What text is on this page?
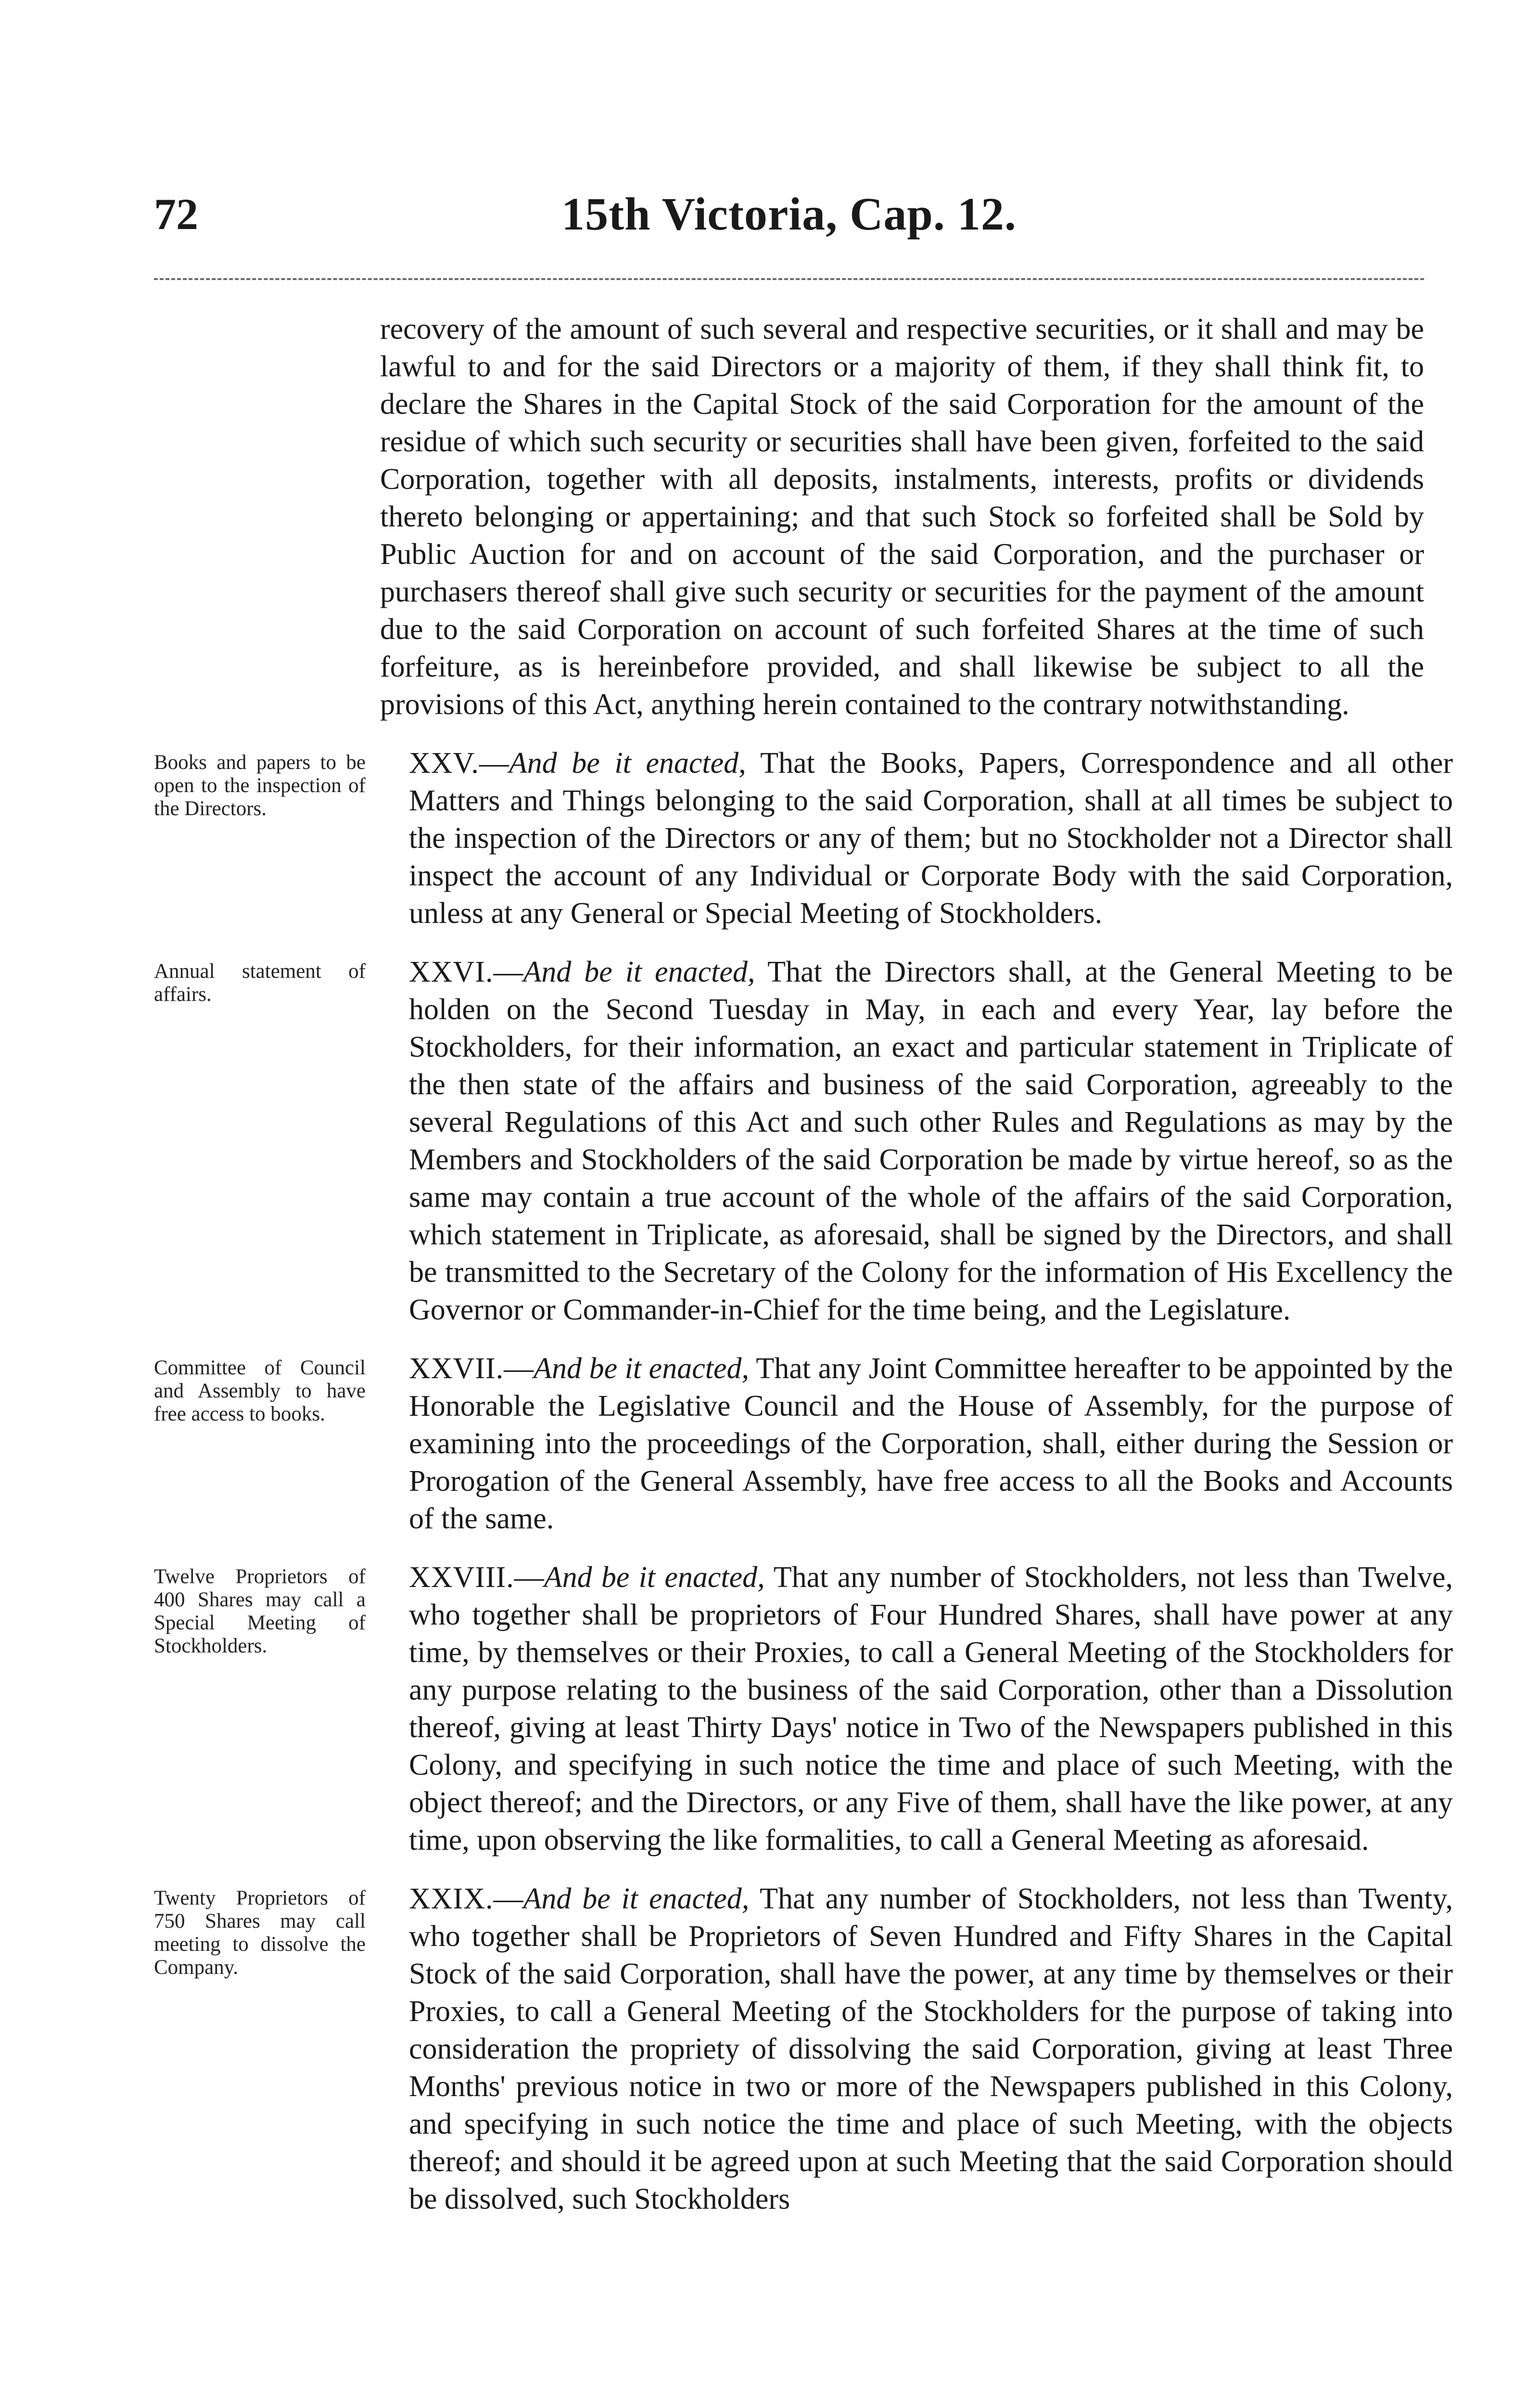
72	15th Victoria, Cap. 12.
recovery of the amount of such several and respective securities, or it shall and may be lawful to and for the said Directors or a majority of them, if they shall think fit, to declare the Shares in the Capital Stock of the said Corporation for the amount of the residue of which such security or securities shall have been given, forfeited to the said Corporation, together with all deposits, instalments, interests, profits or dividends thereto belonging or appertaining; and that such Stock so forfeited shall be Sold by Public Auction for and on account of the said Corporation, and the purchaser or purchasers thereof shall give such security or securities for the payment of the amount due to the said Corporation on account of such forfeited Shares at the time of such forfeiture, as is hereinbefore provided, and shall likewise be subject to all the provisions of this Act, anything herein contained to the contrary notwithstanding.
Books and papers to be open to the inspection of the Directors.
XXV.—And be it enacted, That the Books, Papers, Correspondence and all other Matters and Things belonging to the said Corporation, shall at all times be subject to the inspection of the Directors or any of them; but no Stockholder not a Director shall inspect the account of any Individual or Corporate Body with the said Corporation, unless at any General or Special Meeting of Stockholders.
Annual statement of affairs.
XXVI.—And be it enacted, That the Directors shall, at the General Meeting to be holden on the Second Tuesday in May, in each and every Year, lay before the Stockholders, for their information, an exact and particular statement in Triplicate of the then state of the affairs and business of the said Corporation, agreeably to the several Regulations of this Act and such other Rules and Regulations as may by the Members and Stockholders of the said Corporation be made by virtue hereof, so as the same may contain a true account of the whole of the affairs of the said Corporation, which statement in Triplicate, as aforesaid, shall be signed by the Directors, and shall be transmitted to the Secretary of the Colony for the information of His Excellency the Governor or Commander-in-Chief for the time being, and the Legislature.
Committee of Council and Assembly to have free access to books.
XXVII.—And be it enacted, That any Joint Committee hereafter to be appointed by the Honorable the Legislative Council and the House of Assembly, for the purpose of examining into the proceedings of the Corporation, shall, either during the Session or Prorogation of the General Assembly, have free access to all the Books and Accounts of the same.
Twelve Proprietors of 400 Shares may call a Special Meeting of Stockholders.
XXVIII.—And be it enacted, That any number of Stockholders, not less than Twelve, who together shall be proprietors of Four Hundred Shares, shall have power at any time, by themselves or their Proxies, to call a General Meeting of the Stockholders for any purpose relating to the business of the said Corporation, other than a Dissolution thereof, giving at least Thirty Days' notice in Two of the Newspapers published in this Colony, and specifying in such notice the time and place of such Meeting, with the object thereof; and the Directors, or any Five of them, shall have the like power, at any time, upon observing the like formalities, to call a General Meeting as aforesaid.
Twenty Proprietors of 750 Shares may call meeting to dissolve the Company.
XXIX.—And be it enacted, That any number of Stockholders, not less than Twenty, who together shall be Proprietors of Seven Hundred and Fifty Shares in the Capital Stock of the said Corporation, shall have the power, at any time by themselves or their Proxies, to call a General Meeting of the Stockholders for the purpose of taking into consideration the propriety of dissolving the said Corporation, giving at least Three Months' previous notice in two or more of the Newspapers published in this Colony, and specifying in such notice the time and place of such Meeting, with the objects thereof; and should it be agreed upon at such Meeting that the said Corporation should be dissolved, such Stockholders
